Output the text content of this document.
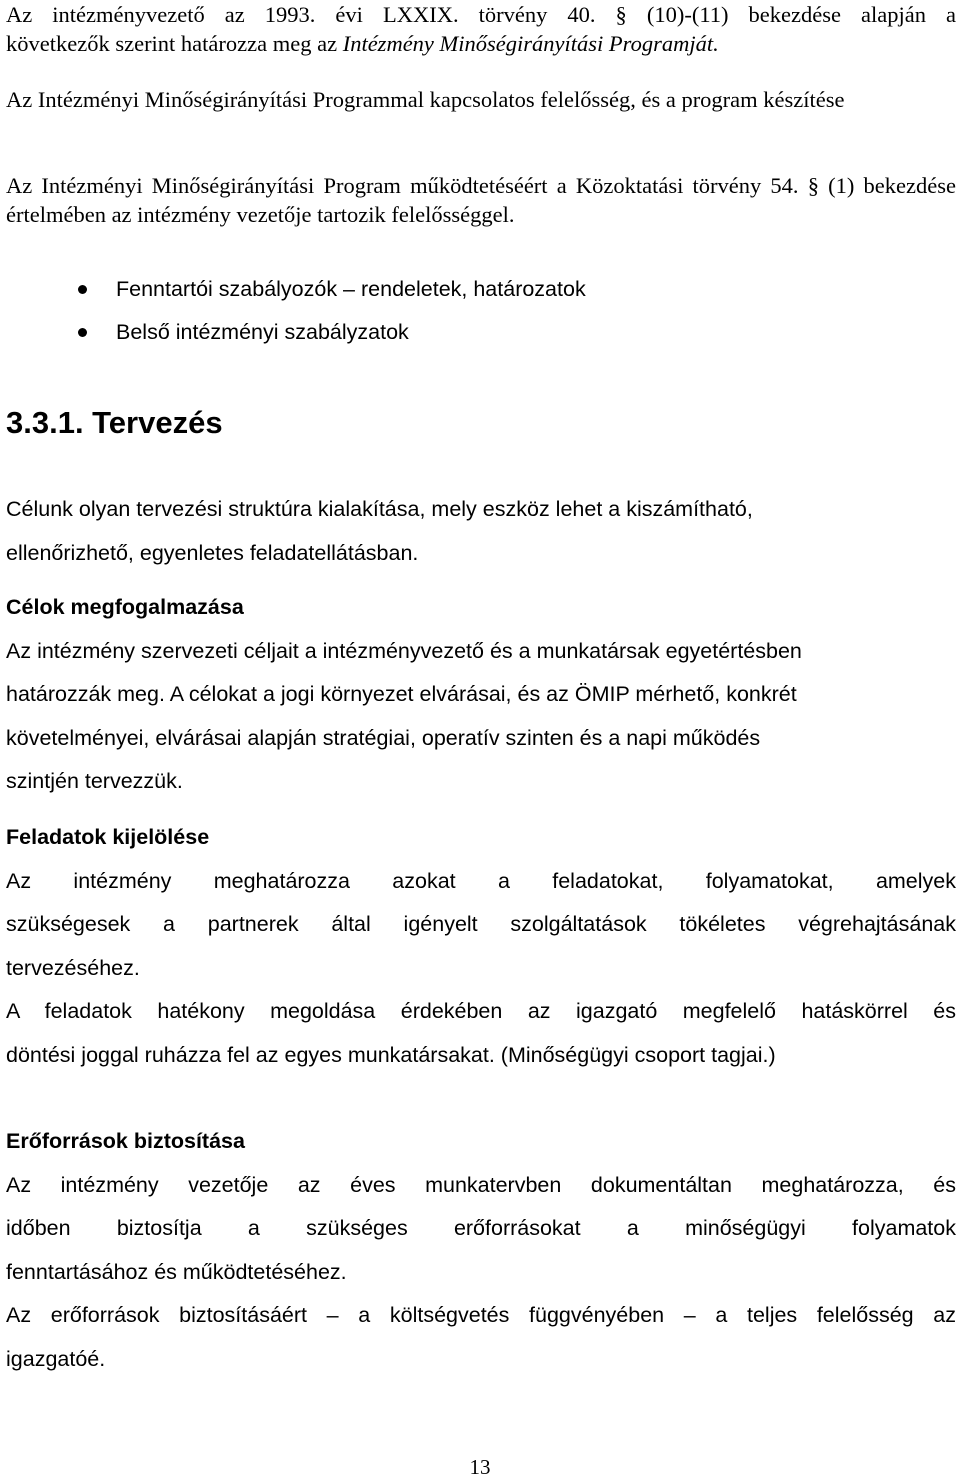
Az intézményvezető az 1993. évi LXXIX. törvény 40. § (10)-(11) bekezdése alapján a
következők szerint határozza meg az Intézmény Minőségirányítási Programját.
Az Intézményi Minőségirányítási Programmal kapcsolatos felelősség, és a program készítése
Az Intézményi Minőségirányítási Program működtetéséért a Közoktatási törvény 54. § (1) bekezdése értelmében az intézmény vezetője tartozik felelősséggel.
Fenntartói szabályozók – rendeletek, határozatok
Belső intézményi szabályzatok
3.3.1. Tervezés
Célunk olyan tervezési struktúra kialakítása, mely eszköz lehet a kiszámítható,
ellenőrizhető, egyenletes feladatellátásban.
Célok megfogalmazása
Az intézmény szervezeti céljait a intézményvezető és a munkatársak egyetértésben
határozzák meg. A célokat a jogi környezet elvárásai, és az ÖMIP mérhető, konkrét
követelményei, elvárásai alapján stratégiai, operatív szinten és a napi működés
szintjén tervezzük.
Feladatok kijelölése
Az intézmény meghatározza azokat a feladatokat, folyamatokat, amelyek
szükségesek a partnerek által igényelt szolgáltatások tökéletes végrehajtásának
tervezéséhez.
A feladatok hatékony megoldása érdekében az igazgató megfelelő hatáskörrel és
döntési joggal ruházza fel az egyes munkatársakat. (Minőségügyi csoport tagjai.)
Erőforrások biztosítása
Az intézmény vezetője az éves munkatervben dokumentáltan meghatározza, és
időben biztosítja a szükséges erőforrásokat a minőségügyi folyamatok
fenntartásához és működtetéséhez.
Az erőforrások biztosításáért – a költségvetés függvényében – a teljes felelősség az
igazgatóé.
13
